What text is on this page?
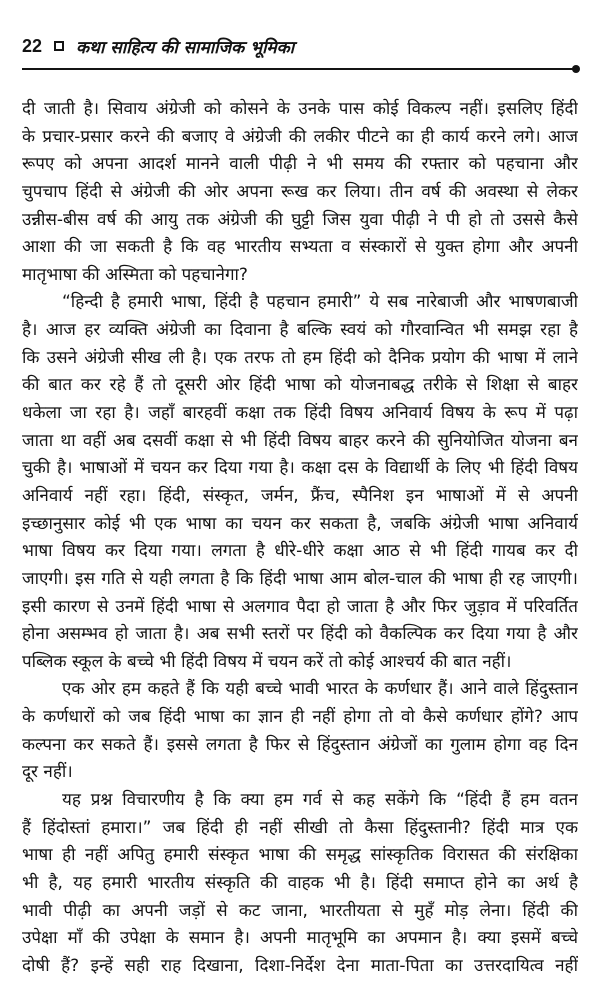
22 कथा साहित्य की सामाजिक भूमिका
दी जाती है। सिवाय अंग्रेजी को कोसने के उनके पास कोई विकल्प नहीं। इसलिए हिंदी
के प्रचार-प्रसार करने की बजाए वे अंग्रेजी की लकीर पीटने का ही कार्य करने लगे। आज
रूपए को अपना आदर्श मानने वाली पीढ़ी ने भी समय की रफ्तार को पहचाना और
चुपचाप हिंदी से अंग्रेजी की ओर अपना रूख कर लिया। तीन वर्ष की अवस्था से लेकर
उन्नीस-बीस वर्ष की आयु तक अंग्रेजी की घुट्टी जिस युवा पीढ़ी ने पी हो तो उससे कैसे
आशा की जा सकती है कि वह भारतीय सभ्यता व संस्कारों से युक्त होगा और अपनी
मातृभाषा की अस्मिता को पहचानेगा?
“हिन्दी है हमारी भाषा, हिंदी है पहचान हमारी” ये सब नारेबाजी और भाषणबाजी
है। आज हर व्यक्ति अंग्रेजी का दिवाना है बल्कि स्वयं को गौरवान्वित भी समझ रहा है
कि उसने अंग्रेजी सीख ली है। एक तरफ तो हम हिंदी को दैनिक प्रयोग की भाषा में लाने
की बात कर रहे हैं तो दूसरी ओर हिंदी भाषा को योजनाबद्ध तरीके से शिक्षा से बाहर
धकेला जा रहा है। जहाँ बारहवीं कक्षा तक हिंदी विषय अनिवार्य विषय के रूप में पढ़ा
जाता था वहीं अब दसवीं कक्षा से भी हिंदी विषय बाहर करने की सुनियोजित योजना बन
चुकी है। भाषाओं में चयन कर दिया गया है। कक्षा दस के विद्यार्थी के लिए भी हिंदी विषय
अनिवार्य नहीं रहा। हिंदी, संस्कृत, जर्मन, फ्रैंच, स्पैनिश इन भाषाओं में से अपनी
इच्छानुसार कोई भी एक भाषा का चयन कर सकता है, जबकि अंग्रेजी भाषा अनिवार्य
भाषा विषय कर दिया गया। लगता है धीरे-धीरे कक्षा आठ से भी हिंदी गायब कर दी
जाएगी। इस गति से यही लगता है कि हिंदी भाषा आम बोल-चाल की भाषा ही रह जाएगी।
इसी कारण से उनमें हिंदी भाषा से अलगाव पैदा हो जाता है और फिर जुड़ाव में परिवर्तित
होना असम्भव हो जाता है। अब सभी स्तरों पर हिंदी को वैकल्पिक कर दिया गया है और
पब्लिक स्कूल के बच्चे भी हिंदी विषय में चयन करें तो कोई आश्चर्य की बात नहीं।
एक ओर हम कहते हैं कि यही बच्चे भावी भारत के कर्णधार हैं। आने वाले हिंदुस्तान
के कर्णधारों को जब हिंदी भाषा का ज्ञान ही नहीं होगा तो वो कैसे कर्णधार होंगे? आप
कल्पना कर सकते हैं। इससे लगता है फिर से हिंदुस्तान अंग्रेजों का गुलाम होगा वह दिन
दूर नहीं।
यह प्रश्न विचारणीय है कि क्या हम गर्व से कह सकेंगे कि “हिंदी हैं हम वतन
हैं हिंदोस्तां हमारा।” जब हिंदी ही नहीं सीखी तो कैसा हिंदुस्तानी? हिंदी मात्र एक
भाषा ही नहीं अपितु हमारी संस्कृत भाषा की समृद्ध सांस्कृतिक विरासत की संरक्षिका
भी है, यह हमारी भारतीय संस्कृति की वाहक भी है। हिंदी समाप्त होने का अर्थ है
भावी पीढ़ी का अपनी जड़ों से कट जाना, भारतीयता से मुहँ मोड़ लेना। हिंदी की
उपेक्षा माँ की उपेक्षा के समान है। अपनी मातृभूमि का अपमान है। क्या इसमें बच्चे
दोषी हैं? इन्हें सही राह दिखाना, दिशा-निर्देश देना माता-पिता का उत्तरदायित्व नहीं
